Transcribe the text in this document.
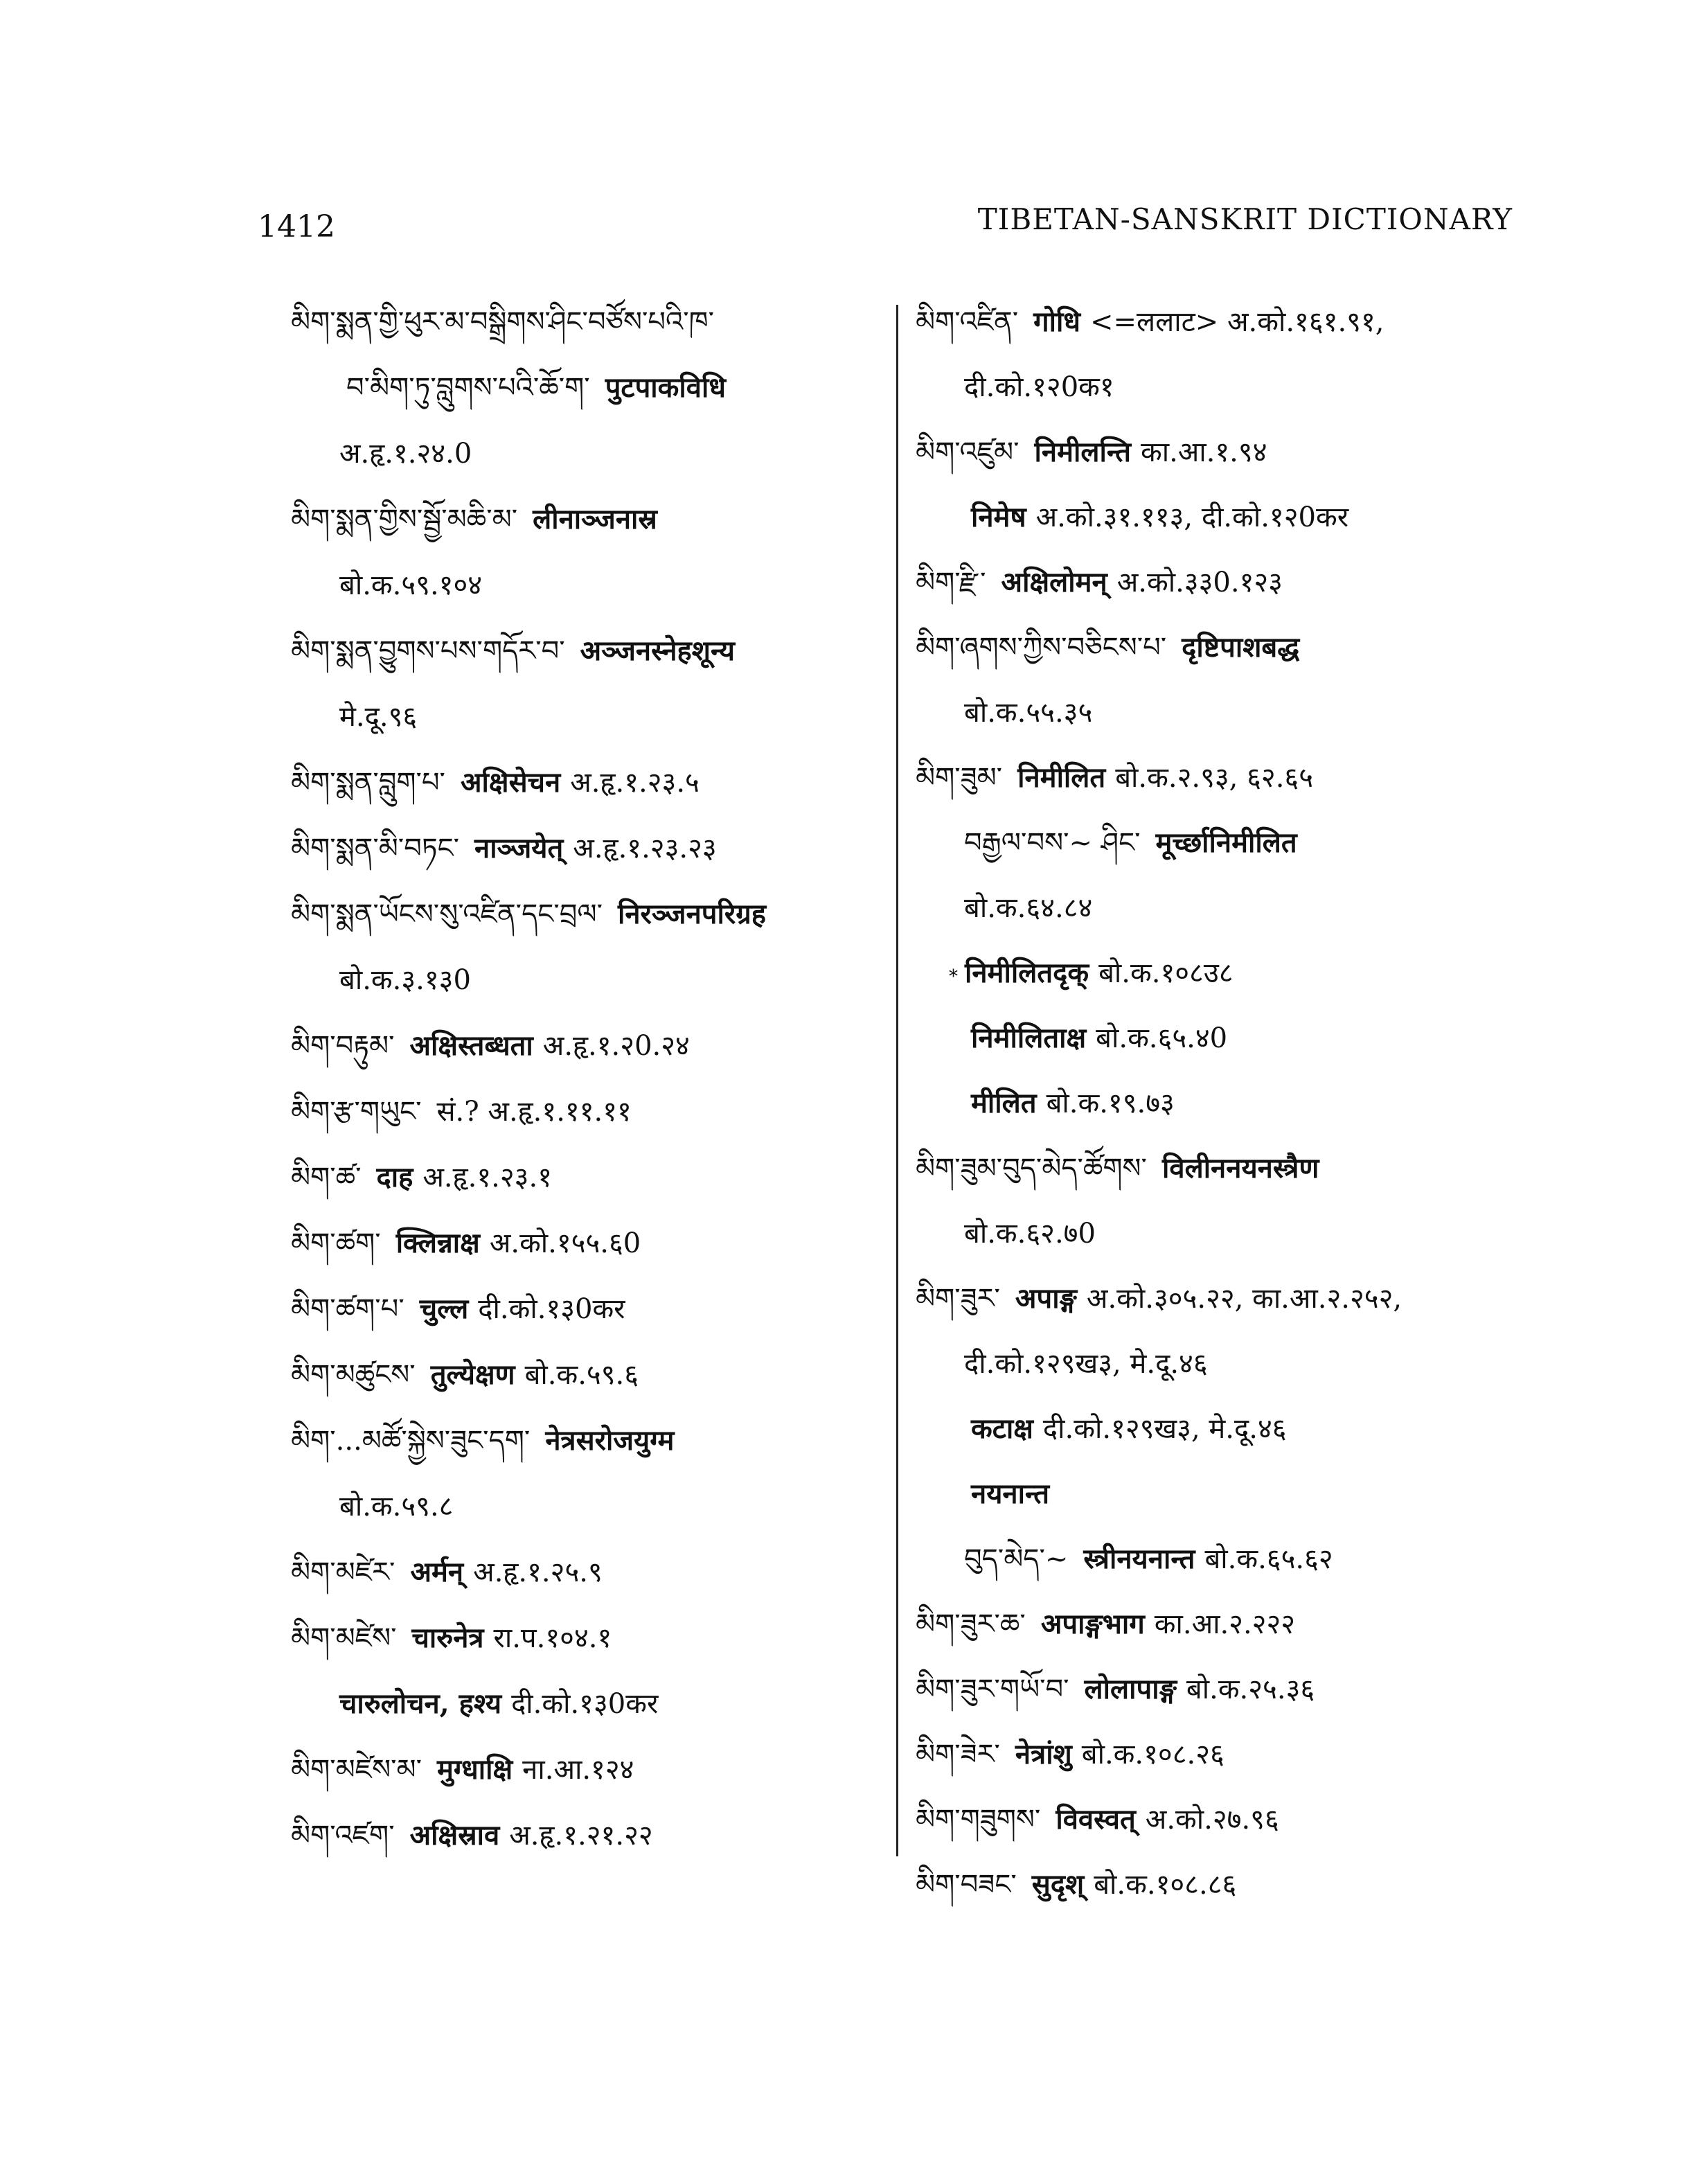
1412	TIBETAN-SANSKRIT DICTIONARY
མིག་སྨན་གྱི་ཕུར་མ་བསྒྲིགས་ཤིང་བཙོས་པའི་ཁ་
བ་མིག་ཏུ་བླུགས་པའི་ཆོ་ག་ पुटपाकविधि
अ.हृ.१.२४.0
མིག་སྨན་གྱིས་སྦྱོ་མཆི་མ་ लीनाञ्जनास्र
बो.क.५९.१०४
མིག་སྨན་བྱུགས་པས་གདོར་བ་ अञ्जनस्नेहशून्य
मे.दू.९६
མིག་སྨན་བླུག་པ་ अक्षिसेचन अ.हृ.१.२३.५
མིག་སྨན་མི་བཏང་ नाञ्जयेत् अ.हृ.१.२३.२३
མིག་སྨན་ཡོངས་སུ་འཛིན་དང་བྲལ་ निरञ्जनपरिग्रह
बो.क.३.१३0
མིག་བརྟུམ་ अक्षिस्तब्धता अ.हृ.१.२0.२४
མིག་རྩ་གཡུང་ सं.? अ.हृ.१.११.११
མིག་ཚ་ दाह अ.हृ.१.२३.१
མིག་ཚག་ क्लिन्नाक्ष अ.को.१५५.६0
མིག་ཚག་པ་ चुल्ल दी.को.१३0कर
མིག་མཚུངས་ तुल्येक्षण बो.क.५९.६
མིག་...མཚོ་སྐྱེས་ཟུང་དག་ नेत्रसरोजयुग्म
बो.क.५९.८
མིག་མཛེར་ अर्मन् अ.हृ.१.२५.९
མིག་མཛེས་ चारुनेत्र रा.प.१०४.१
चारुलोचन, हश्य दी.को.१३0कर
མིག་མཛེས་མ་ मुग्धाक्षि ना.आ.१२४
མིག་འཛག་ अक्षिस्राव अ.हृ.१.२१.२२
མིག་འཛིན་ गोधि <=ललाट> अ.को.१६१.९१,
दी.को.१२0क१
མིག་འཛུམ་ निमीलन्ति का.आ.१.९४
निमेष अ.को.३१.११३, दी.को.१२0कर
མིག་རྫི་ अक्षिलोमन् अ.को.३३0.१२३
མིག་ཞགས་ཀྱིས་བཅིངས་པ་ दृष्टिपाशबद्ध
बो.क.५५.३५
མིག་ཟུམ་ निमीलित बो.क.२.९३, ६२.६५
བརྒྱལ་བས་~ ཤིང་ मूर्च्छानिमीलित
बो.क.६४.८४
* निमीलितदृक् बो.क.१०८उ८
निमीलिताक्ष बो.क.६५.४0
मीलित बो.क.१९.७३
མིག་ཟུམ་བུད་མེད་ཚོགས་ विलीननयनस्त्रैण
बो.क.६२.७0
མིག་ཟུར་ अपाङ्ग अ.को.३०५.२२, का.आ.२.२५२,
दी.को.१२९ख३, मे.दू.४६
कटाक्ष दी.को.१२९ख३, मे.दू.४६
नयनान्त
བུད་མེད་~ स्त्रीनयनान्त बो.क.६५.६२
མིག་ཟུར་ཆ་ अपाङ्गभाग का.आ.२.२२२
མིག་ཟུར་གཡོ་བ་ लोलापाङ्ग बो.क.२५.३६
མིག་ཟེར་ नेत्रांशु बो.क.१०८.२६
མིག་གཟུགས་ विवस्वत् अ.को.२७.९६
མིག་བཟང་ सुदृश् बो.क.१०८.८६
